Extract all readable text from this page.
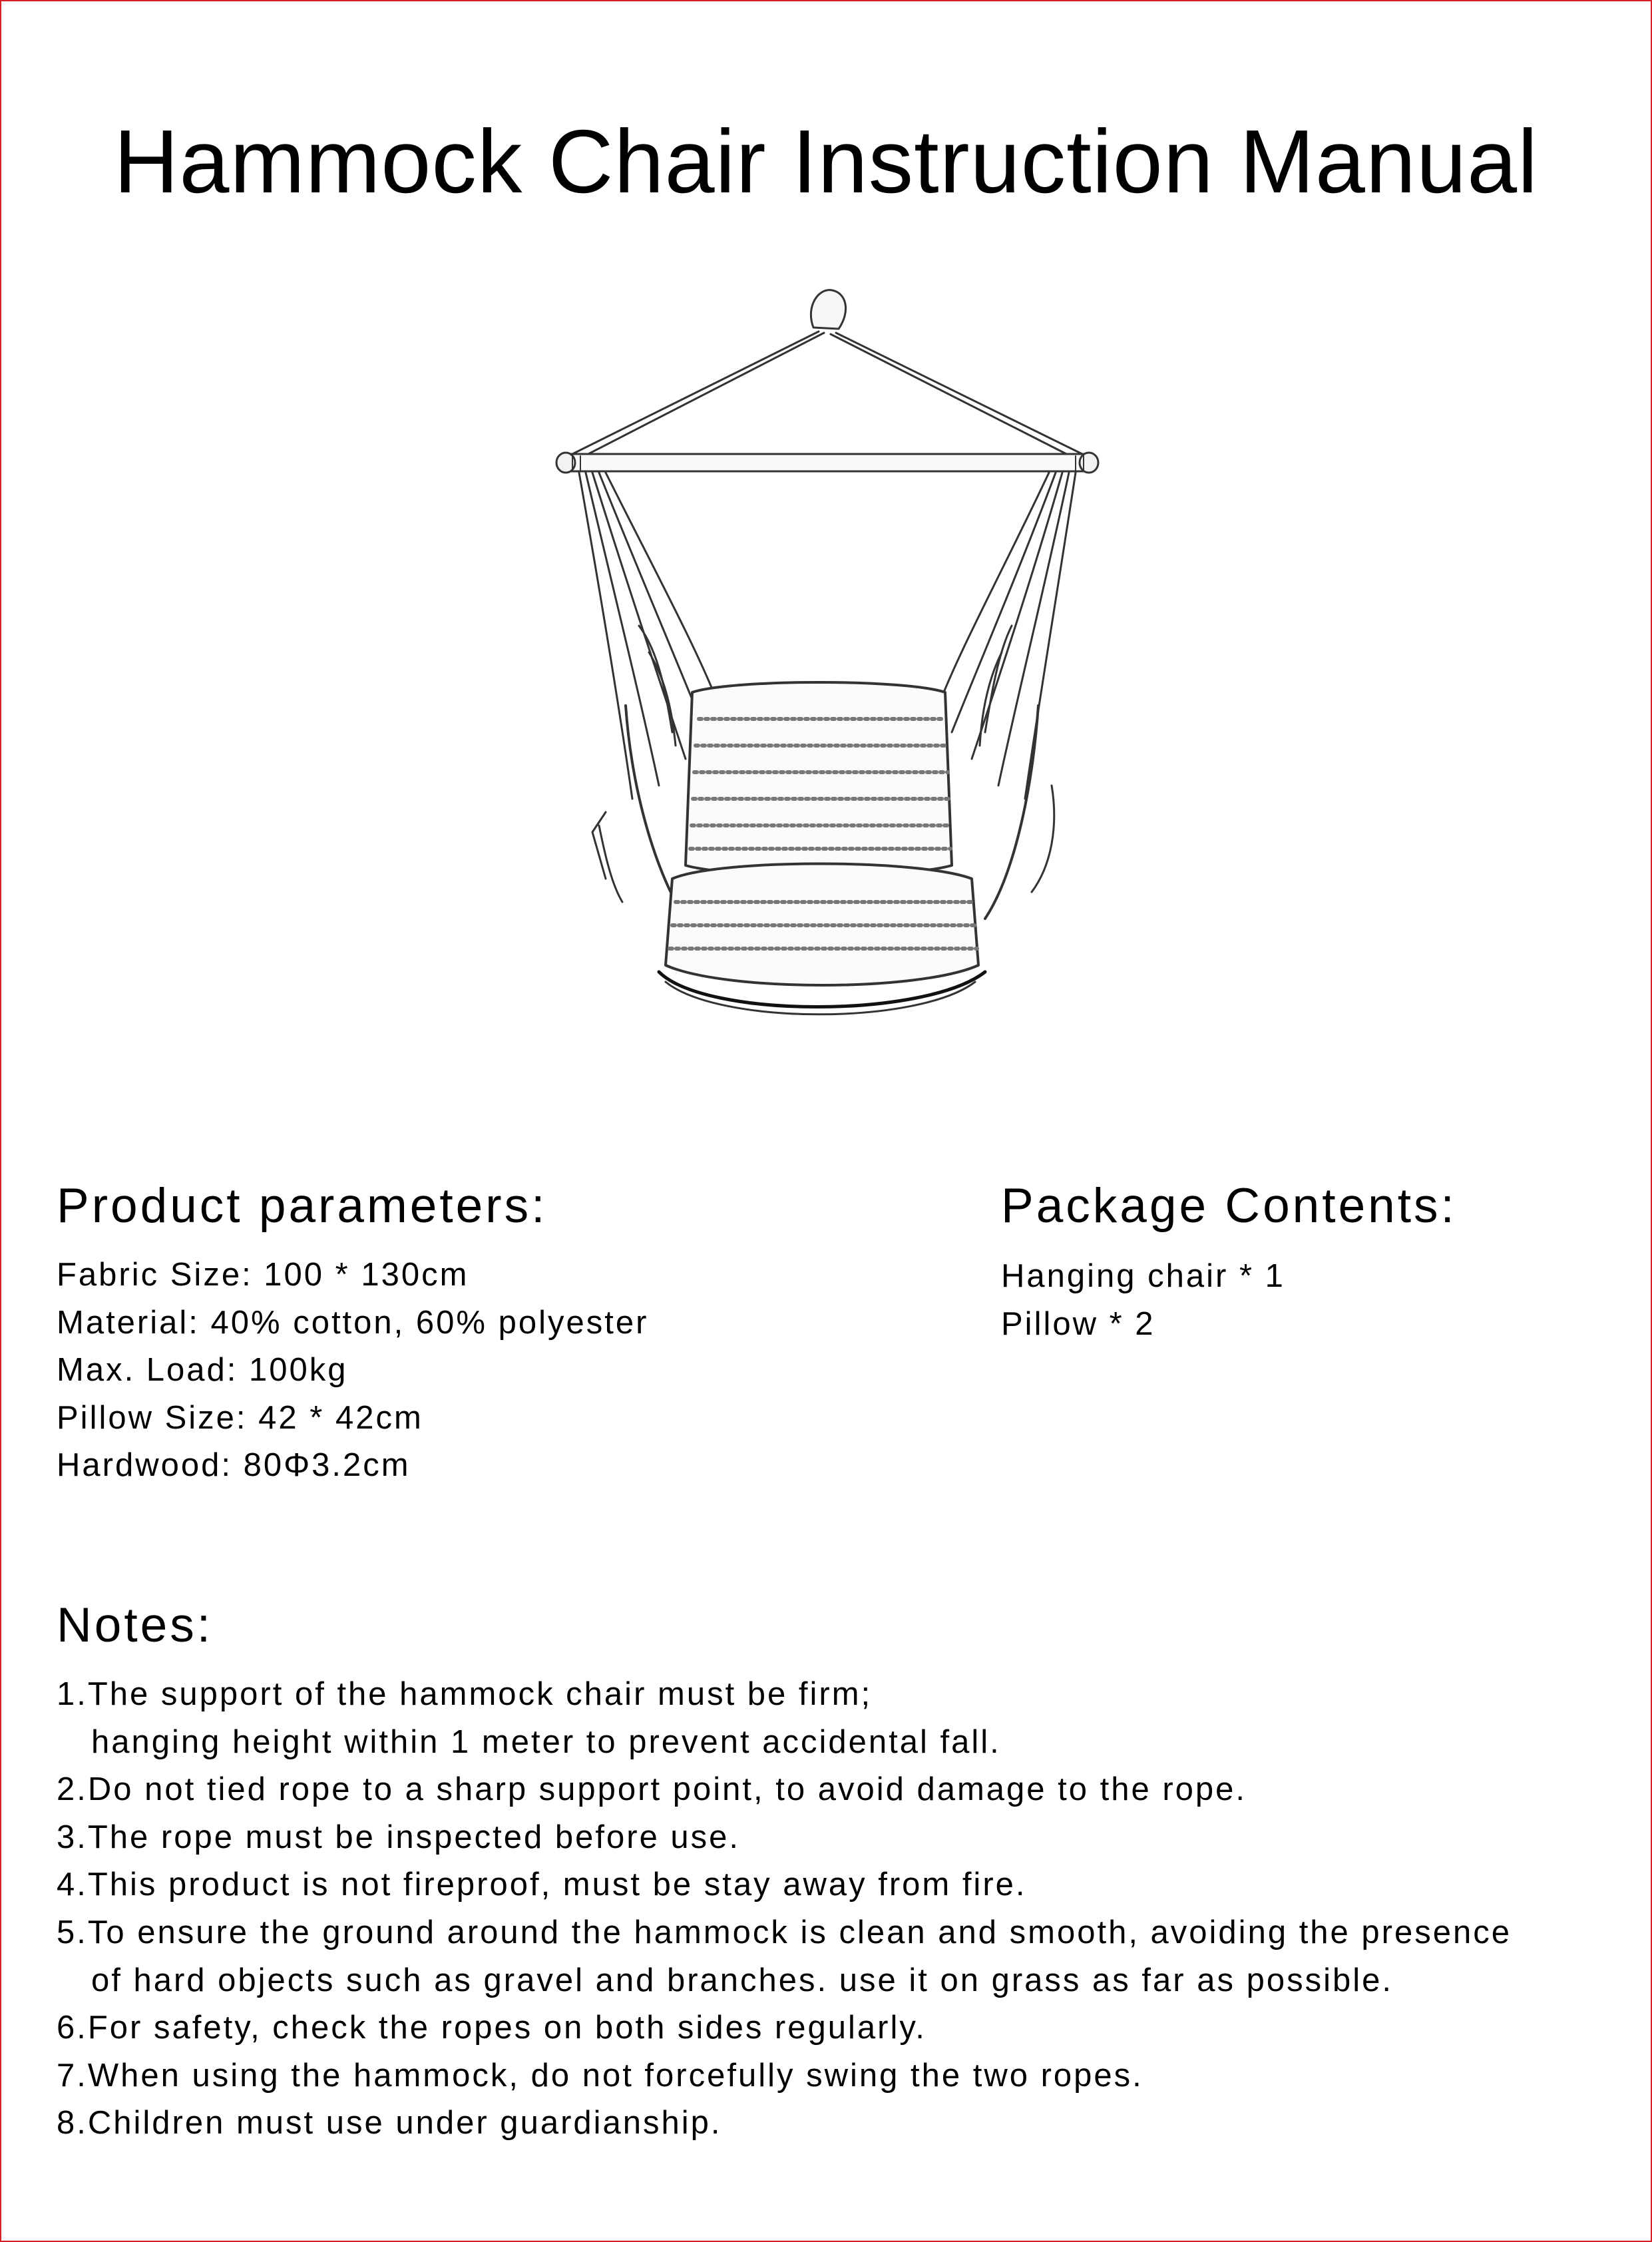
Hammock Chair Instruction Manual
Product parameters:
Fabric Size: 100 * 130cm
Material: 40% cotton, 60% polyester
Max. Load: 100kg
Pillow Size: 42 * 42cm
Hardwood: 80Φ3.2cm
Package Contents:
Hanging chair * 1
Pillow * 2
Notes:
1.The support of the hammock chair must be firm;
hanging height within 1 meter to prevent accidental fall.
2.Do not tied rope to a sharp support point, to avoid damage to the rope.
3.The rope must be inspected before use.
4.This product is not fireproof, must be stay away from fire.
5.To ensure the ground around the hammock is clean and smooth, avoiding the presence
of hard objects such as gravel and branches. use it on grass as far as possible.
6.For safety, check the ropes on both sides regularly.
7.When using the hammock, do not forcefully swing the two ropes.
8.Children must use under guardianship.
